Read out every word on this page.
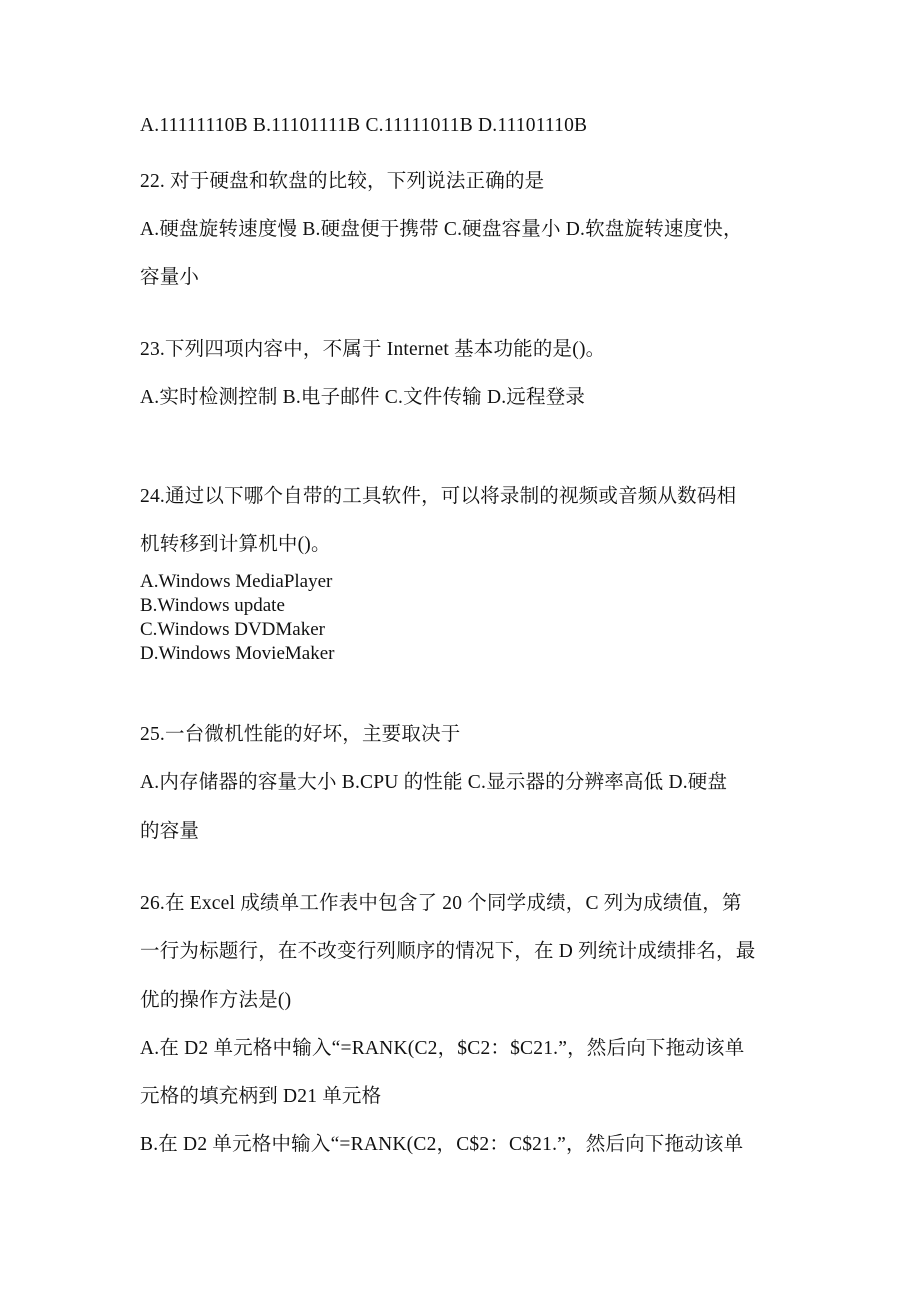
A.11111110B B.11101111B C.11111011B D.11101110B
22. 对于硬盘和软盘的比较，下列说法正确的是
A.硬盘旋转速度慢 B.硬盘便于携带 C.硬盘容量小 D.软盘旋转速度快，
容量小
23.下列四项内容中，不属于 Internet 基本功能的是()。
A.实时检测控制 B.电子邮件 C.文件传输 D.远程登录
24.通过以下哪个自带的工具软件，可以将录制的视频或音频从数码相
机转移到计算机中()。
A.Windows MediaPlayer
B.Windows update
C.Windows DVDMaker
D.Windows MovieMaker
25.一台微机性能的好坏，主要取决于
A.内存储器的容量大小 B.CPU 的性能 C.显示器的分辨率高低 D.硬盘
的容量
26.在 Excel 成绩单工作表中包含了 20 个同学成绩，C 列为成绩值，第
一行为标题行，在不改变行列顺序的情况下，在 D 列统计成绩排名，最
优的操作方法是()
A.在 D2 单元格中输入“=RANK(C2，$C2：$C21.”，然后向下拖动该单
元格的填充柄到 D21 单元格
B.在 D2 单元格中输入“=RANK(C2，C$2：C$21.”，然后向下拖动该单
